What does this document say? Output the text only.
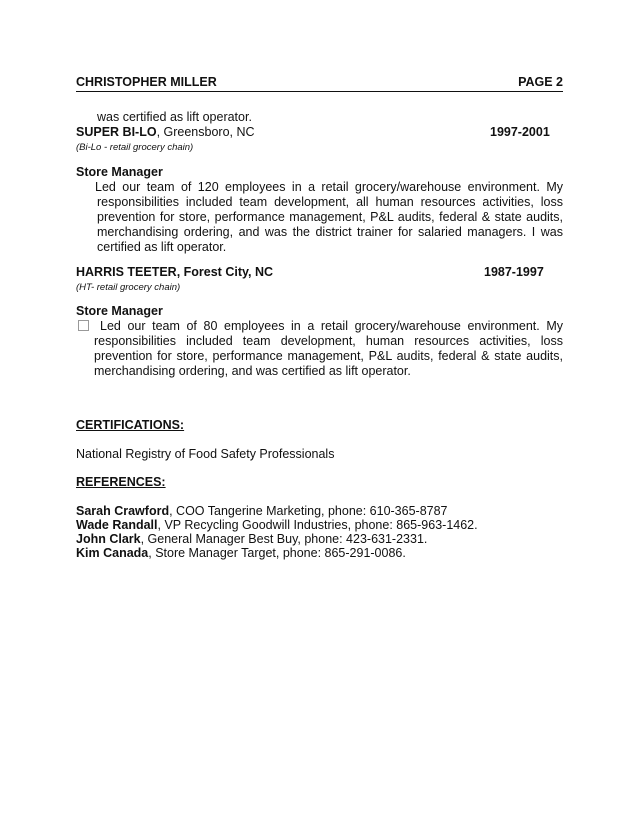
CHRISTOPHER MILLER	PAGE 2
was certified as lift operator.
SUPER BI-LO, Greensboro, NC	1997-2001
(Bi-Lo - retail grocery chain)
Store Manager
Led our team of 120 employees in a retail grocery/warehouse environment. My responsibilities included team development, all human resources activities, loss prevention for store, performance management, P&L audits, federal & state audits, merchandising ordering, and was the district trainer for salaried managers. I was certified as lift operator.
HARRIS TEETER, Forest City, NC	1987-1997
(HT- retail grocery chain)
Store Manager
Led our team of 80 employees in a retail grocery/warehouse environment. My responsibilities included team development, human resources activities, loss prevention for store, performance management, P&L audits, federal & state audits, merchandising ordering, and was certified as lift operator.
CERTIFICATIONS:
National Registry of Food Safety Professionals
REFERENCES:
Sarah Crawford, COO Tangerine Marketing, phone: 610-365-8787
Wade Randall, VP Recycling Goodwill Industries, phone: 865-963-1462.
John Clark, General Manager Best Buy, phone: 423-631-2331.
Kim Canada, Store Manager Target, phone: 865-291-0086.
